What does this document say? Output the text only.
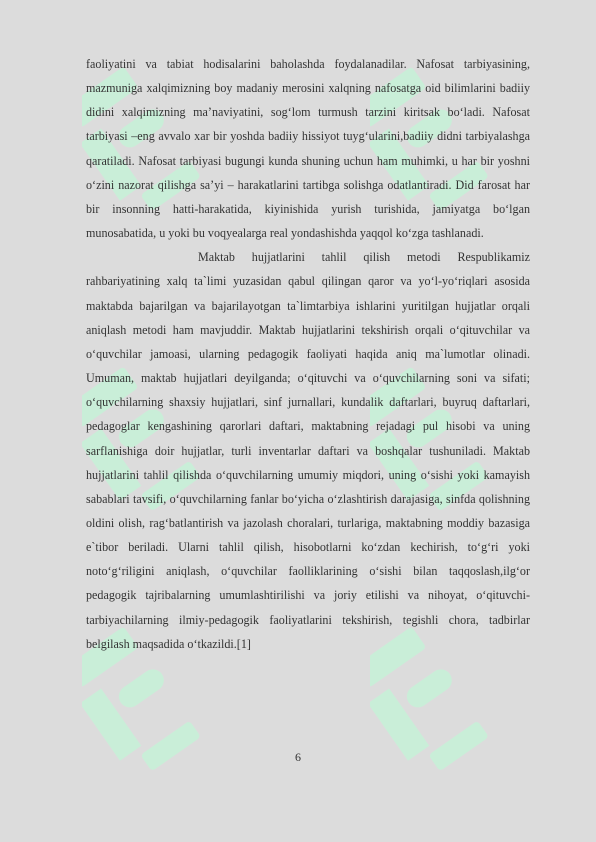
faoliyatini va tabiat hodisalarini baholashda foydalanadilar. Nafosat tarbiyasining, mazmuniga xalqimizning boy madaniy merosini xalqning nafosatga oid bilimlarini badiiy didini xalqimizning ma’naviyatini, sog‘lom turmush tarzini kiritsak bo‘ladi. Nafosat tarbiyasi –eng avvalo xar bir yoshda badiiy hissiyot tuyg‘ularini,badiiy didni tarbiyalashga qaratiladi. Nafosat tarbiyasi bugungi kunda shuning uchun ham muhimki, u har bir yoshni o‘zini nazorat qilishga sa’yi – harakatlarini tartibga solishga odatlantiradi. Did farosat har bir insonning hatti-harakatida, kiyinishida yurish turishida, jamiyatga bo‘lgan munosabatida, u yoki bu voqyealarga real yondashishda yaqqol ko‘zga tashlanadi.

Maktab hujjatlarini tahlil qilish metodi Respublikamiz rahbariyatining xalq ta`limi yuzasidan qabul qilingan qaror va yo‘l-yo‘riqlari asosida maktabda bajarilgan va bajarilayotgan ta`limtarbiya ishlarini yuritilgan hujjatlar orqali aniqlash metodi ham mavjuddir. Maktab hujjatlarini tekshirish orqali o‘qituvchilar va o‘quvchilar jamoasi, ularning pedagogik faoliyati haqida aniq ma`lumotlar olinadi. Umuman, maktab hujjatlari deyilganda; o‘qituvchi va o‘quvchilarning soni va sifati; o‘quvchilarning shaxsiy hujjatlari, sinf jurnallari, kundalik daftarlari, buyruq daftarlari, pedagoglar kengashining qarorlari daftari, maktabning rejadagi pul hisobi va uning sarflanishiga doir hujjatlar, turli inventarlar daftari va boshqalar tushuniladi. Maktab hujjatlarini tahlil qilishda o‘quvchilarning umumiy miqdori, uning o‘sishi yoki kamayish sabablari tavsifi, o‘quvchilarning fanlar bo‘yicha o‘zlashtirish darajasiga, sinfda qolishning oldini olish, rag‘batlantirish va jazolash choralari, turlariga, maktabning moddiy bazasiga e`tibor beriladi. Ularni tahlil qilish, hisobotlarni ko‘zdan kechirish, to‘g‘ri yoki noto‘g‘riligini aniqlash, o‘quvchilar faolliklarining o‘sishi bilan taqqoslash,ilg‘or pedagogik tajribalarning umumlashtirilishi va joriy etilishi va nihoyat, o‘qituvchi-tarbiyachilarning ilmiy-pedagogik faoliyatlarini tekshirish, tegishli chora, tadbirlar belgilash maqsadida o‘tkazildi.[1]

6
